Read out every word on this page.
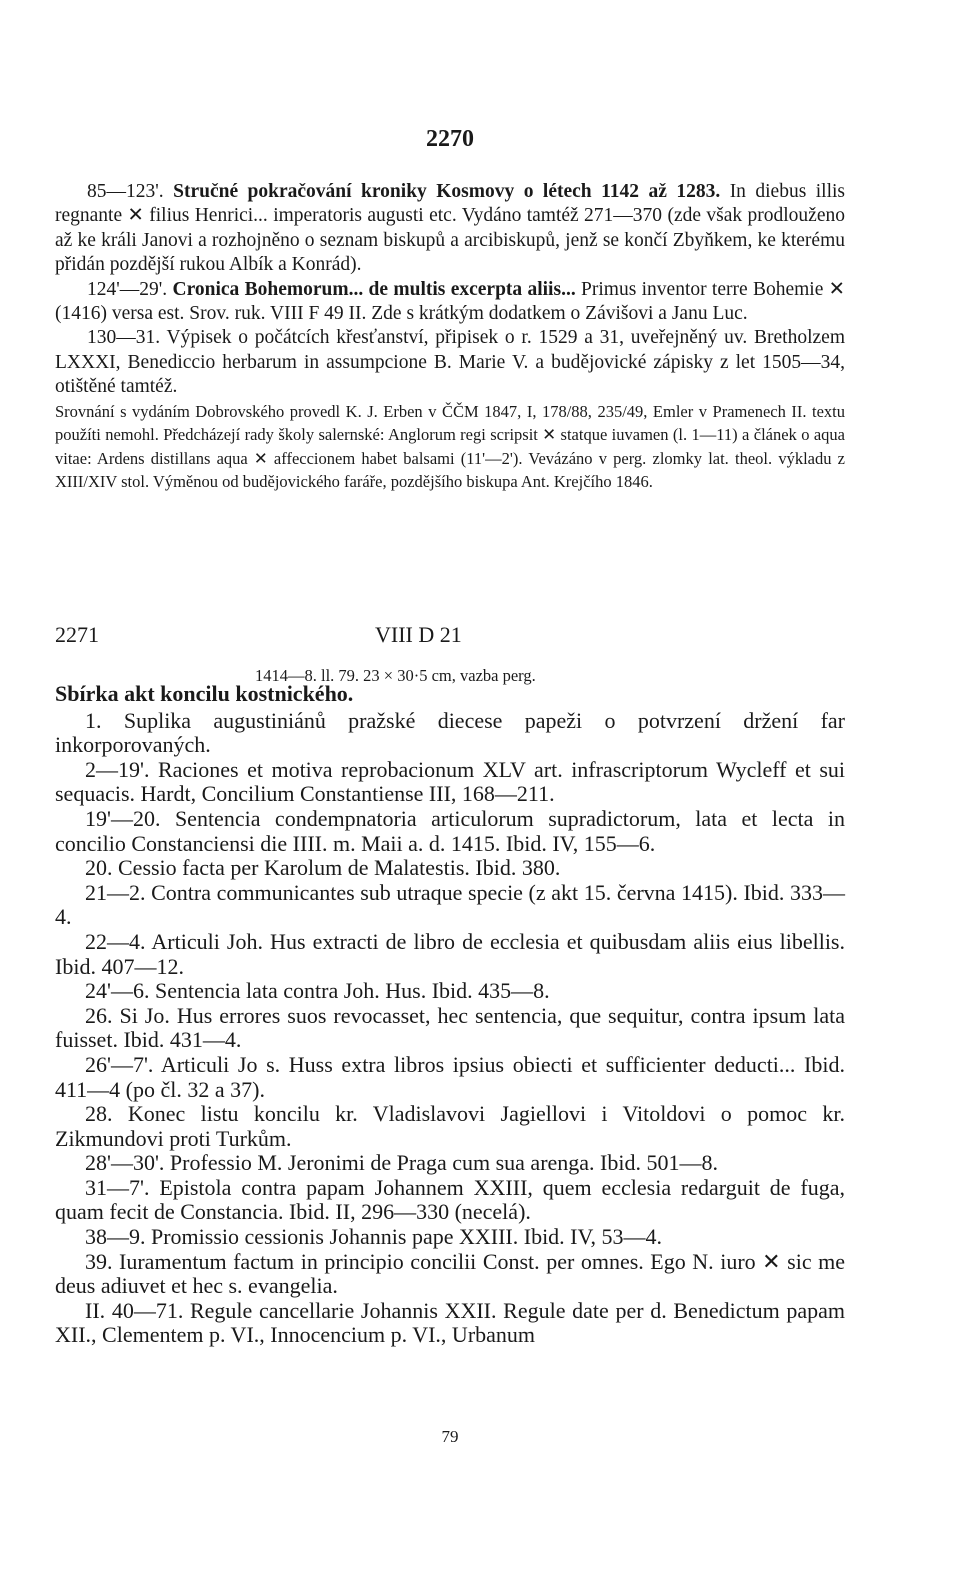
2270

85—123'. Stručné pokračování kroniky Kosmovy o létech 1142 až 1283. In diebus illis regnante ✕ filius Henrici... imperatoris augusti etc. Vydáno tamtéž 271—370 (zde však prodlouženo až ke králi Janovi a rozhojněno o seznam biskupů a arcibiskupů, jenž se končí Zbyňkem, ke kterému přidán pozdější rukou Albík a Konrád).

124'—29'. Cronica Bohemorum... de multis excerpta aliis... Primus inventor terre Bohemie ✕ (1416) versa est. Srov. ruk. VIII F 49 II. Zde s krátkým dodatkem o Závišovi a Janu Luc.

130—31. Výpisek o počátcích křesťanství, připisek o r. 1529 a 31, uveřejněný uv. Bretholzem LXXXI, Benediccio herbarum in assumpcione B. Marie V. a budějovické zápisky z let 1505—34, otištěné tamtéž.

Srovnání s vydáním Dobrovského provedl K. J. Erben v ČČM 1847, I, 178/88, 235/49, Emler v Pramenech II. textu použíti nemohl. Předcházejí rady školy salernské: Anglorum regi scripsit ✕ statque iuvamen (l. 1—11) a článek o aqua vitae: Ardens distillans aqua ✕ affeccionem habet balsami (11'—2'). Vevázáno v perg. zlomky lat. theol. výkladu z XIII/XIV stol. Výměnou od budějovického faráře, pozdějšího biskupa Ant. Krejčího 1846.

2271	VIII D 21
1414—8. ll. 79. 23 × 30·5 cm, vazba perg.

Sbírka akt koncilu kostnického.

1. Suplika augustiniánů pražské diecese papeži o potvrzení držení far inkorporovaných.

2—19'. Raciones et motiva reprobacionum XLV art. infrascriptorum Wycleff et sui sequacis. Hardt, Concilium Constantiense III, 168—211.

19'—20. Sentencia condempnatoria articulorum supradictorum, lata et lecta in concilio Constanciensi die IIII. m. Maii a. d. 1415. Ibid. IV, 155—6.

20. Cessio facta per Karolum de Malatestis. Ibid. 380.

21—2. Contra communicantes sub utraque specie (z akt 15. června 1415). Ibid. 333—4.

22—4. Articuli Joh. Hus extracti de libro de ecclesia et quibusdam aliis eius libellis. Ibid. 407—12.

24'—6. Sentencia lata contra Joh. Hus. Ibid. 435—8.

26. Si Jo. Hus errores suos revocasset, hec sentencia, que sequitur, contra ipsum lata fuisset. Ibid. 431—4.

26'—7'. Articuli Jo s. Huss extra libros ipsius obiecti et sufficienter deducti... Ibid. 411—4 (po čl. 32 a 37).

28. Konec listu koncilu kr. Vladislavovi Jagiellovi i Vitoldovi o pomoc kr. Zikmundovi proti Turkům.

28'—30'. Professio M. Jeronimi de Praga cum sua arenga. Ibid. 501—8.

31—7'. Epistola contra papam Johannem XXIII, quem ecclesia redarguit de fuga, quam fecit de Constancia. Ibid. II, 296—330 (necelá).

38—9. Promissio cessionis Johannis pape XXIII. Ibid. IV, 53—4.

39. Iuramentum factum in principio concilii Const. per omnes. Ego N. iuro ✕ sic me deus adiuvet et hec s. evangelia.

II. 40—71. Regule cancellarie Johannis XXII. Regule date per d. Benedictum papam XII., Clementem p. VI., Innocencium p. VI., Urbanum

79
